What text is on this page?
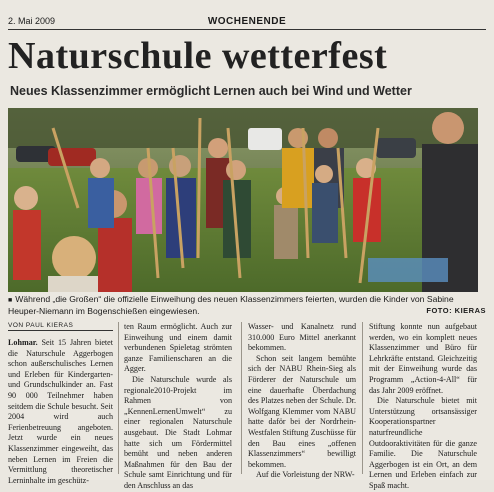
2. Mai 2009	WOCHENENDE
Naturschule wetterfest
Neues Klassenzimmer ermöglicht Lernen auch bei Wind und Wetter
■ Während „die Großen“ die offizielle Einweihung des neuen Klassenzimmers feierten, wurden die Kinder von Sabine Heuper-Niemann im Bogenschießen eingewiesen.	FOTO: KIERAS
VON PAUL KIERAS

Lohmar. Seit 15 Jahren bietet die Naturschule Aggerbogen schon außerschulisches Lernen und Erleben für Kindergarten- und Grundschulkinder an. Fast 90 000 Teilnehmer haben seitdem die Schule besucht. Seit 2004 wird auch Ferienbetreuung angeboten. Jetzt wurde ein neues Klassenzimmer eingeweiht, das neben Lernen im Freien die Vermittlung theoretischer Lerninhalte im geschütz-

ten Raum ermöglicht. Auch zur Einweihung und einem damit verbundenen Spieletag strömten ganze Familienscharen an die Agger.

Die Naturschule wurde als regionale2010-Projekt im Rahmen von „KennenLernenUmwelt“ zu einer regionalen Naturschule ausgebaut. Die Stadt Lohmar hatte sich um Fördermittel bemüht und neben anderen Maßnahmen für den Bau der Schule samt Einrichtung und für den Anschluss an das

Wasser- und Kanalnetz rund 310.000 Euro Mittel anerkannt bekommen.

Schon seit langem bemühte sich der NABU Rhein-Sieg als Förderer der Naturschule um eine dauerhafte Überdachung des Platzes neben der Schule. Dr. Wolfgang Klemmer vom NABU hatte daför bei der Nordrhein-Westfalen Stiftung Zuschüsse für den Bau eines „offenen Klassenzimmers“ bewilligt bekommen.

Auf die Vorleistung der NRW-

Stiftung konnte nun aufgebaut werden, wo ein komplett neues Klassenzimmer und Büro für Lehrkräfte entstand. Gleichzeitig mit der Einweihung wurde das Programm „Action-4-All“ für das Jahr 2009 eröffnet.

Die Naturschule bietet mit Unterstützung ortsansässiger Kooperationspartner naturfreundliche Outdooraktivitäten für die ganze Familie. Die Naturschule Aggerbogen ist ein Ort, an dem Lernen und Erleben einfach zur Spaß macht.
